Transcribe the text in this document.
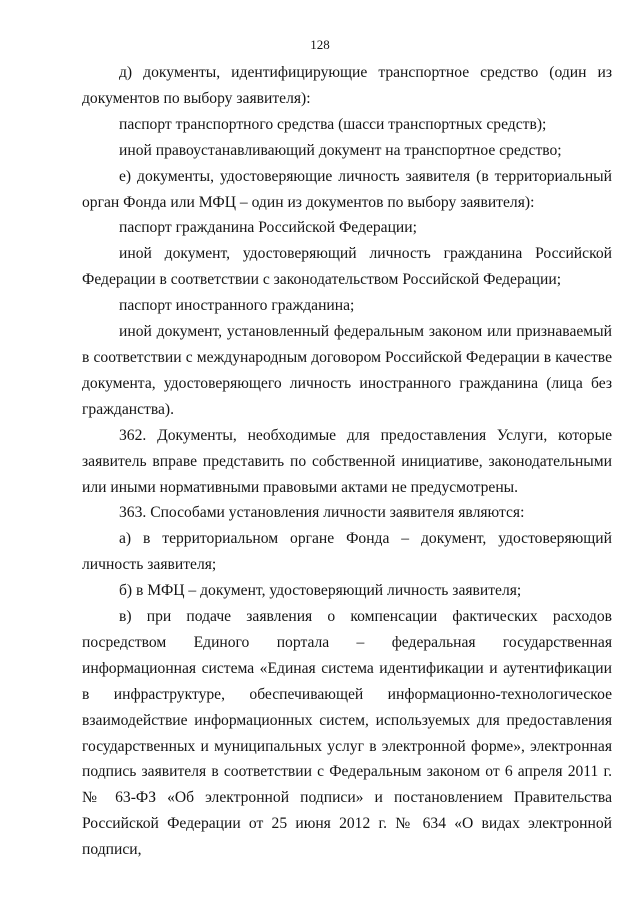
128

д) документы, идентифицирующие транспортное средство (один из документов по выбору заявителя):

паспорт транспортного средства (шасси транспортных средств);

иной правоустанавливающий документ на транспортное средство;

е) документы, удостоверяющие личность заявителя (в территориальный орган Фонда или МФЦ – один из документов по выбору заявителя):

паспорт гражданина Российской Федерации;

иной документ, удостоверяющий личность гражданина Российской Федерации в соответствии с законодательством Российской Федерации;

паспорт иностранного гражданина;

иной документ, установленный федеральным законом или признаваемый в соответствии с международным договором Российской Федерации в качестве документа, удостоверяющего личность иностранного гражданина (лица без гражданства).

362. Документы, необходимые для предоставления Услуги, которые заявитель вправе представить по собственной инициативе, законодательными или иными нормативными правовыми актами не предусмотрены.

363. Способами установления личности заявителя являются:

а) в территориальном органе Фонда – документ, удостоверяющий личность заявителя;

б) в МФЦ – документ, удостоверяющий личность заявителя;

в) при подаче заявления о компенсации фактических расходов посредством Единого портала – федеральная государственная информационная система «Единая система идентификации и аутентификации в инфраструктуре, обеспечивающей информационно-технологическое взаимодействие информационных систем, используемых для предоставления государственных и муниципальных услуг в электронной форме», электронная подпись заявителя в соответствии с Федеральным законом от 6 апреля 2011 г. № 63-ФЗ «Об электронной подписи» и постановлением Правительства Российской Федерации от 25 июня 2012 г. № 634 «О видах электронной подписи,
